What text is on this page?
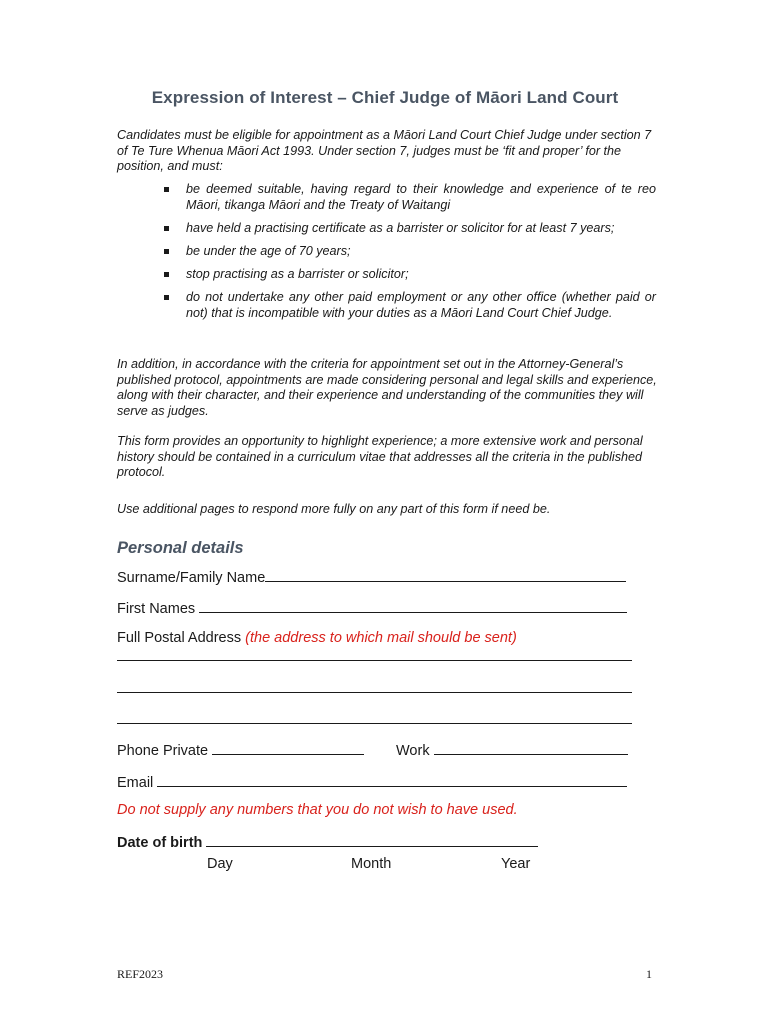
Expression of Interest – Chief Judge of Māori Land Court
Candidates must be eligible for appointment as a Māori Land Court Chief Judge under section 7 of Te Ture Whenua Māori Act 1993. Under section 7, judges must be ‘fit and proper’ for the position, and must:
be deemed suitable, having regard to their knowledge and experience of te reo Māori, tikanga Māori and the Treaty of Waitangi
have held a practising certificate as a barrister or solicitor for at least 7 years;
be under the age of 70 years;
stop practising as a barrister or solicitor;
do not undertake any other paid employment or any other office (whether paid or not) that is incompatible with your duties as a Māori Land Court Chief Judge.
In addition, in accordance with the criteria for appointment set out in the Attorney-General’s published protocol, appointments are made considering personal and legal skills and experience, along with their character, and their experience and understanding of the communities they will serve as judges.
This form provides an opportunity to highlight experience; a more extensive work and personal history should be contained in a curriculum vitae that addresses all the criteria in the published protocol.
Use additional pages to respond more fully on any part of this form if need be.
Personal details
Surname/Family Name
First Names
Full Postal Address (the address to which mail should be sent)
Phone Private	Work
Email
Do not supply any numbers that you do not wish to have used.
Date of birth
Day	Month	Year
REF2023	1
